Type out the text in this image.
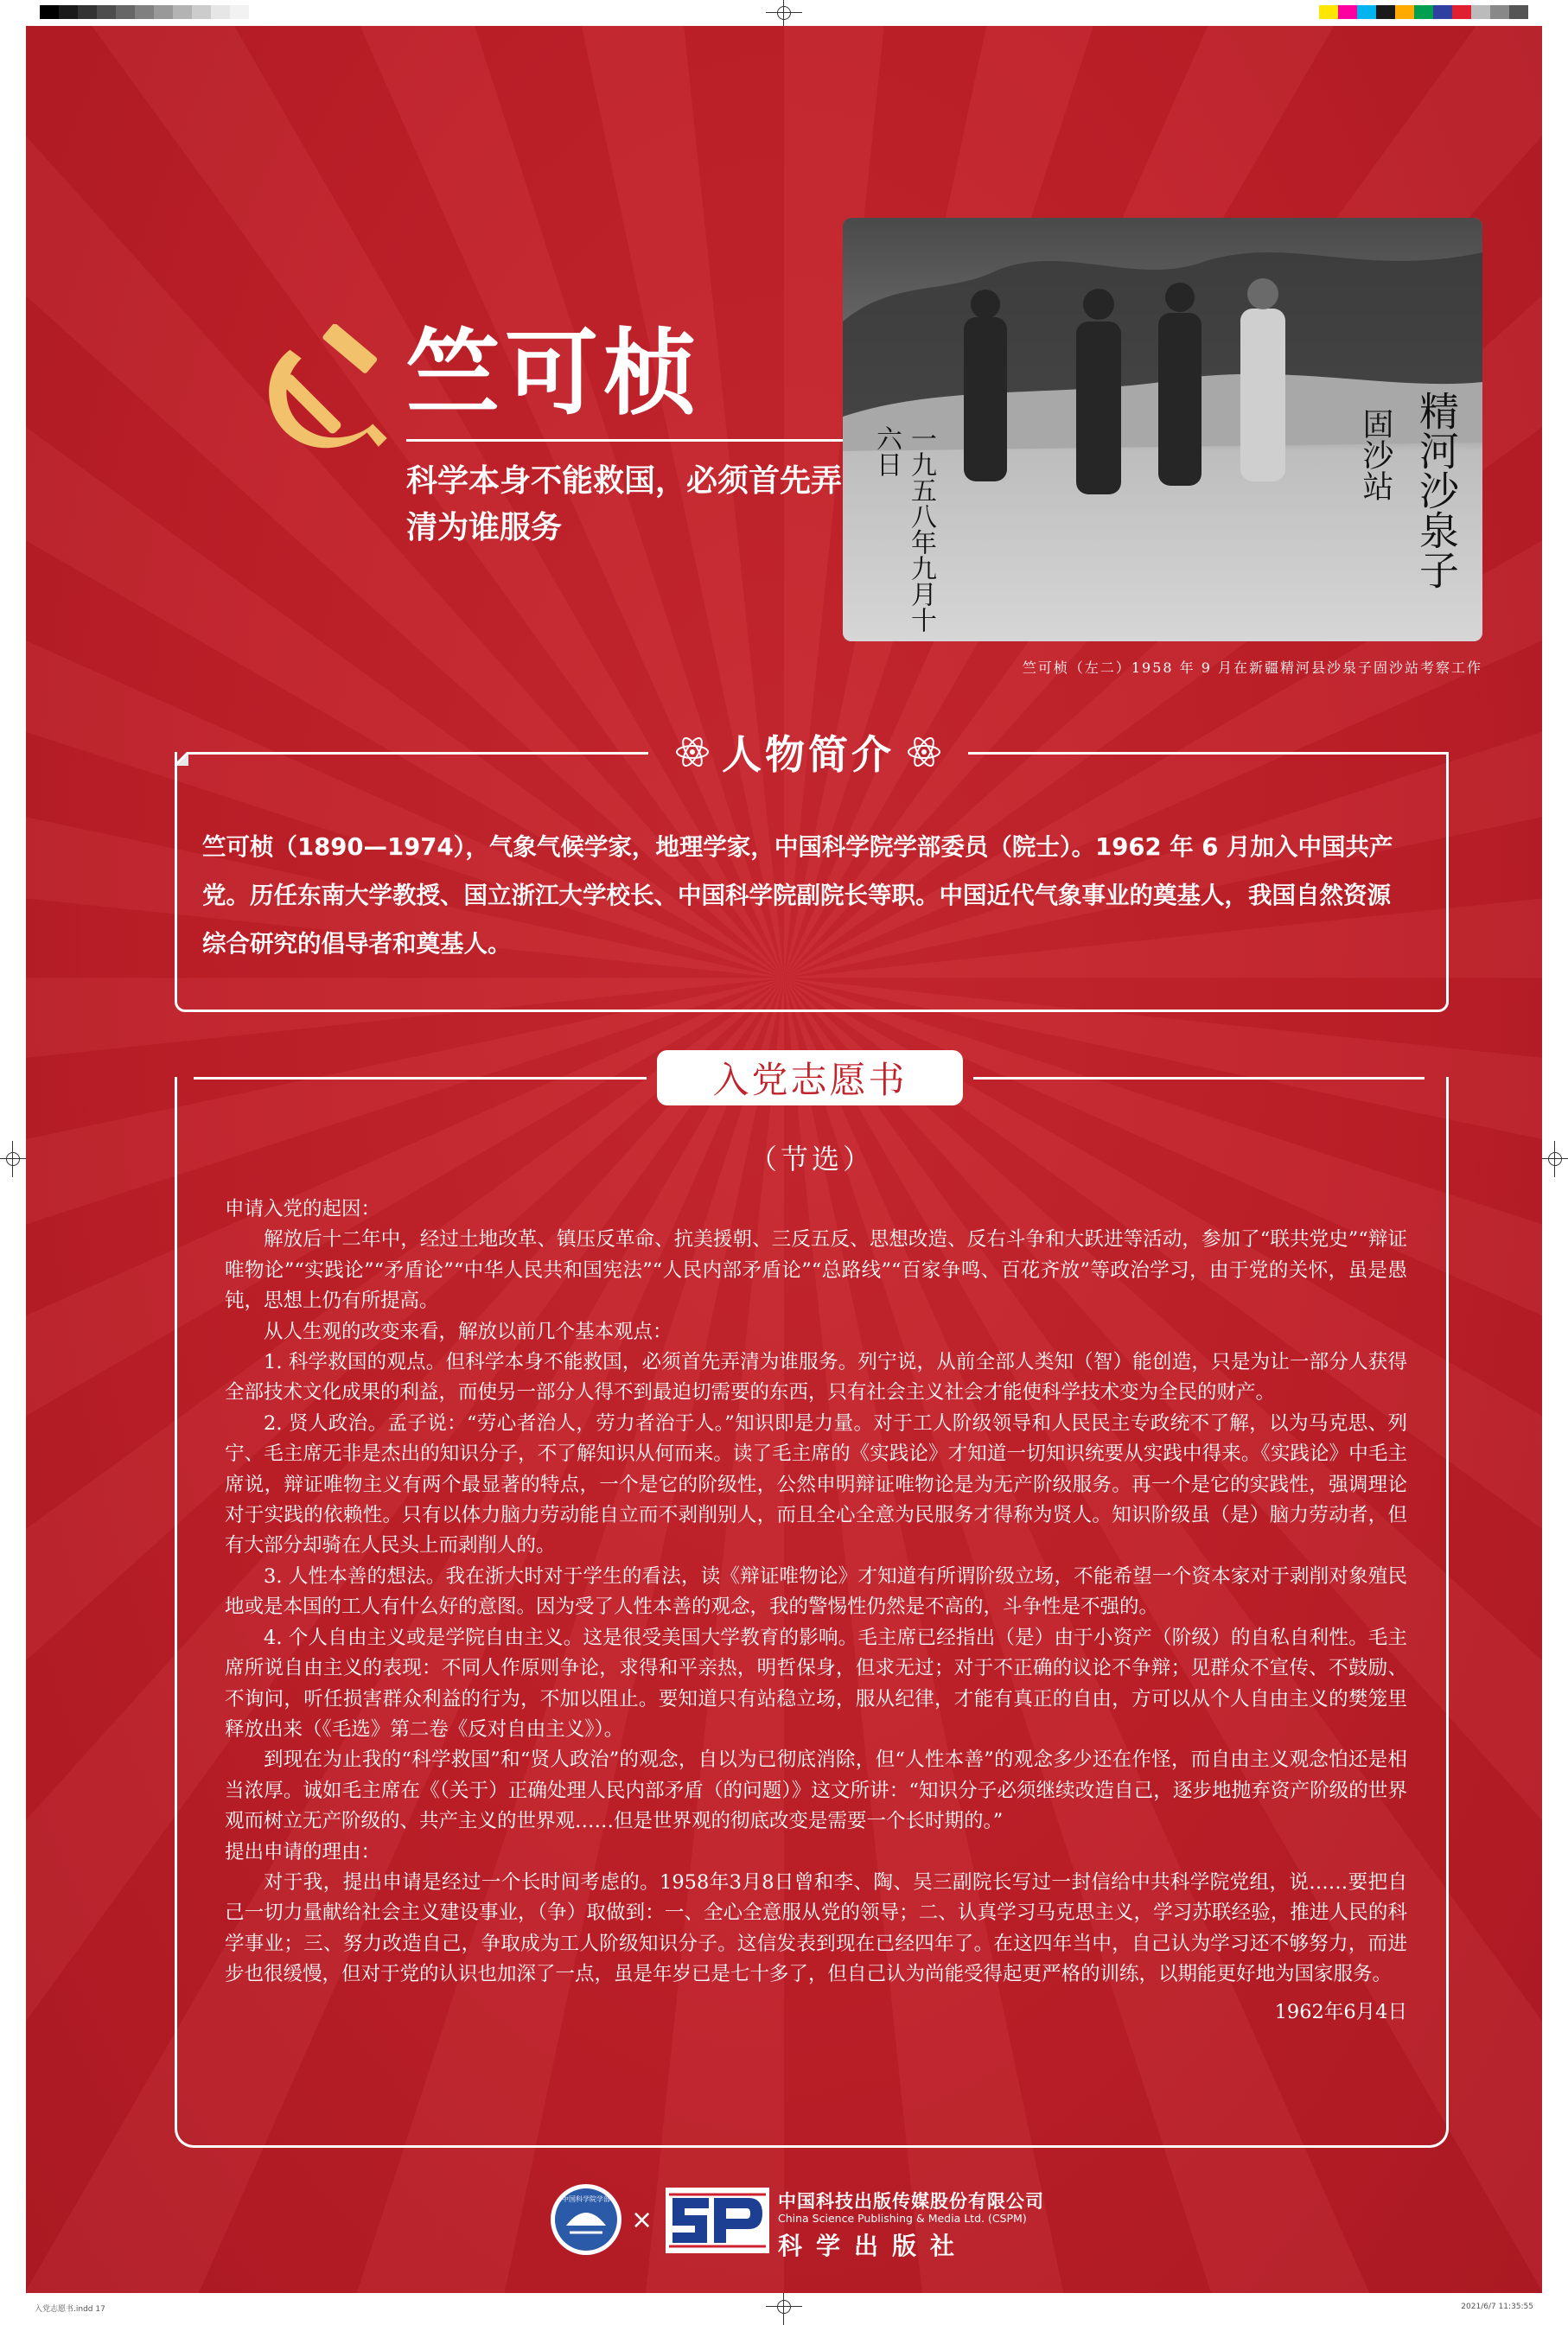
竺可桢

科学本身不能救国，必须首先弄清为谁服务	精河沙泉子
固沙站
一九五八年九月十六日
竺可桢（左二）1958 年 9 月在新疆精河县沙泉子固沙站考察工作
人物简介

竺可桢（1890—1974），气象气候学家，地理学家，中国科学院学部委员（院士）。1962 年 6 月加入中国共产党。历任东南大学教授、国立浙江大学校长、中国科学院副院长等职。中国近代气象事业的奠基人，我国自然资源综合研究的倡导者和奠基人。

入党志愿书

（节选）

申请入党的起因：

解放后十二年中，经过土地改革、镇压反革命、抗美援朝、三反五反、思想改造、反右斗争和大跃进等活动，参加了“联共党史”“辩证唯物论”“实践论”“矛盾论”“中华人民共和国宪法”“人民内部矛盾论”“总路线”“百家争鸣、百花齐放”等政治学习，由于党的关怀，虽是愚钝，思想上仍有所提高。

从人生观的改变来看，解放以前几个基本观点：

1. 科学救国的观点。但科学本身不能救国，必须首先弄清为谁服务。列宁说，从前全部人类知（智）能创造，只是为让一部分人获得全部技术文化成果的利益，而使另一部分人得不到最迫切需要的东西，只有社会主义社会才能使科学技术变为全民的财产。

2. 贤人政治。孟子说：“劳心者治人，劳力者治于人。”知识即是力量。对于工人阶级领导和人民民主专政统不了解，以为马克思、列宁、毛主席无非是杰出的知识分子，不了解知识从何而来。读了毛主席的《实践论》才知道一切知识统要从实践中得来。《实践论》中毛主席说，辩证唯物主义有两个最显著的特点，一个是它的阶级性，公然申明辩证唯物论是为无产阶级服务。再一个是它的实践性，强调理论对于实践的依赖性。只有以体力脑力劳动能自立而不剥削别人，而且全心全意为民服务才得称为贤人。知识阶级虽（是）脑力劳动者，但有大部分却骑在人民头上而剥削人的。

3. 人性本善的想法。我在浙大时对于学生的看法，读《辩证唯物论》才知道有所谓阶级立场，不能希望一个资本家对于剥削对象殖民地或是本国的工人有什么好的意图。因为受了人性本善的观念，我的警惕性仍然是不高的，斗争性是不强的。

4. 个人自由主义或是学院自由主义。这是很受美国大学教育的影响。毛主席已经指出（是）由于小资产（阶级）的自私自利性。毛主席所说自由主义的表现：不同人作原则争论，求得和平亲热，明哲保身，但求无过；对于不正确的议论不争辩；见群众不宣传、不鼓励、不询问，听任损害群众利益的行为，不加以阻止。要知道只有站稳立场，服从纪律，才能有真正的自由，方可以从个人自由主义的樊笼里释放出来（《毛选》第二卷《反对自由主义》）。

到现在为止我的“科学救国”和“贤人政治”的观念，自以为已彻底消除，但“人性本善”的观念多少还在作怪，而自由主义观念怕还是相当浓厚。诚如毛主席在《（关于）正确处理人民内部矛盾（的问题）》这文所讲：“知识分子必须继续改造自己，逐步地抛弃资产阶级的世界观而树立无产阶级的、共产主义的世界观……但是世界观的彻底改变是需要一个长时期的。”

提出申请的理由：

对于我，提出申请是经过一个长时间考虑的。1958年3月8日曾和李、陶、吴三副院长写过一封信给中共科学院党组，说……要把自己一切力量献给社会主义建设事业，（争）取做到：一、全心全意服从党的领导；二、认真学习马克思主义，学习苏联经验，推进人民的科学事业；三、努力改造自己，争取成为工人阶级知识分子。这信发表到现在已经四年了。在这四年当中，自己认为学习还不够努力，而进步也很缓慢，但对于党的认识也加深了一点，虽是年岁已是七十多了，但自己认为尚能受得起更严格的训练，以期能更好地为国家服务。

1962年6月4日

中国科学院学部
×
中国科技出版传媒股份有限公司
China Science Publishing & Media Ltd. (CSPM)
科学出版社
入党志愿书.indd 17	2021/6/7 11:35:55
